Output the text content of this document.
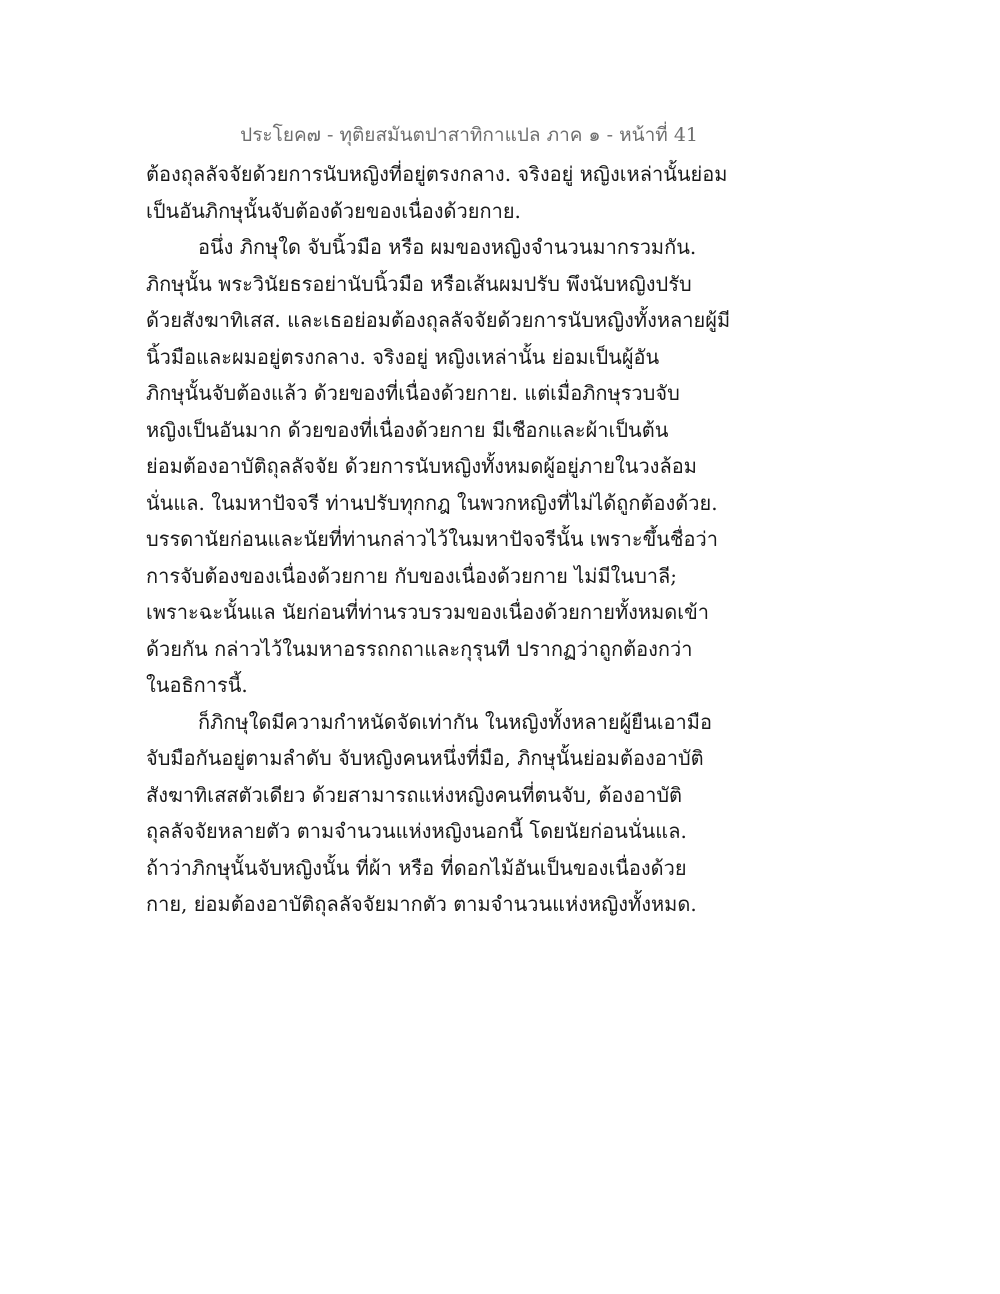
ประโยค๗ - ทุติยสมันตปาสาทิกาแปล ภาค ๑ - หน้าที่ 41
ต้องถุลลัจจัยด้วยการนับหญิงที่อยู่ตรงกลาง. จริงอยู่ หญิงเหล่านั้นย่อม
เป็นอันภิกษุนั้นจับต้องด้วยของเนื่องด้วยกาย.
อนึ่ง ภิกษุใด จับนิ้วมือ หรือ ผมของหญิงจำนวนมากรวมกัน.
ภิกษุนั้น พระวินัยธรอย่านับนิ้วมือ หรือเส้นผมปรับ พึงนับหญิงปรับ
ด้วยสังฆาทิเสส. และเธอย่อมต้องถุลลัจจัยด้วยการนับหญิงทั้งหลายผู้มี
นิ้วมือและผมอยู่ตรงกลาง. จริงอยู่ หญิงเหล่านั้น ย่อมเป็นผู้อัน
ภิกษุนั้นจับต้องแล้ว ด้วยของที่เนื่องด้วยกาย. แต่เมื่อภิกษุรวบจับ
หญิงเป็นอันมาก ด้วยของที่เนื่องด้วยกาย มีเชือกและผ้าเป็นต้น
ย่อมต้องอาบัติถุลลัจจัย ด้วยการนับหญิงทั้งหมดผู้อยู่ภายในวงล้อม
นั่นแล. ในมหาปัจจรี ท่านปรับทุกกฎ ในพวกหญิงที่ไม่ได้ถูกต้องด้วย.
บรรดานัยก่อนและนัยที่ท่านกล่าวไว้ในมหาปัจจรีนั้น เพราะขึ้นชื่อว่า
การจับต้องของเนื่องด้วยกาย กับของเนื่องด้วยกาย ไม่มีในบาลี;
เพราะฉะนั้นแล นัยก่อนที่ท่านรวบรวมของเนื่องด้วยกายทั้งหมดเข้า
ด้วยกัน กล่าวไว้ในมหาอรรถกถาและกุรุนที ปรากฏว่าถูกต้องกว่า
ในอธิการนี้.
ก็ภิกษุใดมีความกำหนัดจัดเท่ากัน ในหญิงทั้งหลายผู้ยืนเอามือ
จับมือกันอยู่ตามลำดับ จับหญิงคนหนึ่งที่มือ, ภิกษุนั้นย่อมต้องอาบัติ
สังฆาทิเสสตัวเดียว ด้วยสามารถแห่งหญิงคนที่ตนจับ, ต้องอาบัติ
ถุลลัจจัยหลายตัว ตามจำนวนแห่งหญิงนอกนี้ โดยนัยก่อนนั่นแล.
ถ้าว่าภิกษุนั้นจับหญิงนั้น ที่ผ้า หรือ ที่ดอกไม้อันเป็นของเนื่องด้วย
กาย, ย่อมต้องอาบัติถุลลัจจัยมากตัว ตามจำนวนแห่งหญิงทั้งหมด.
